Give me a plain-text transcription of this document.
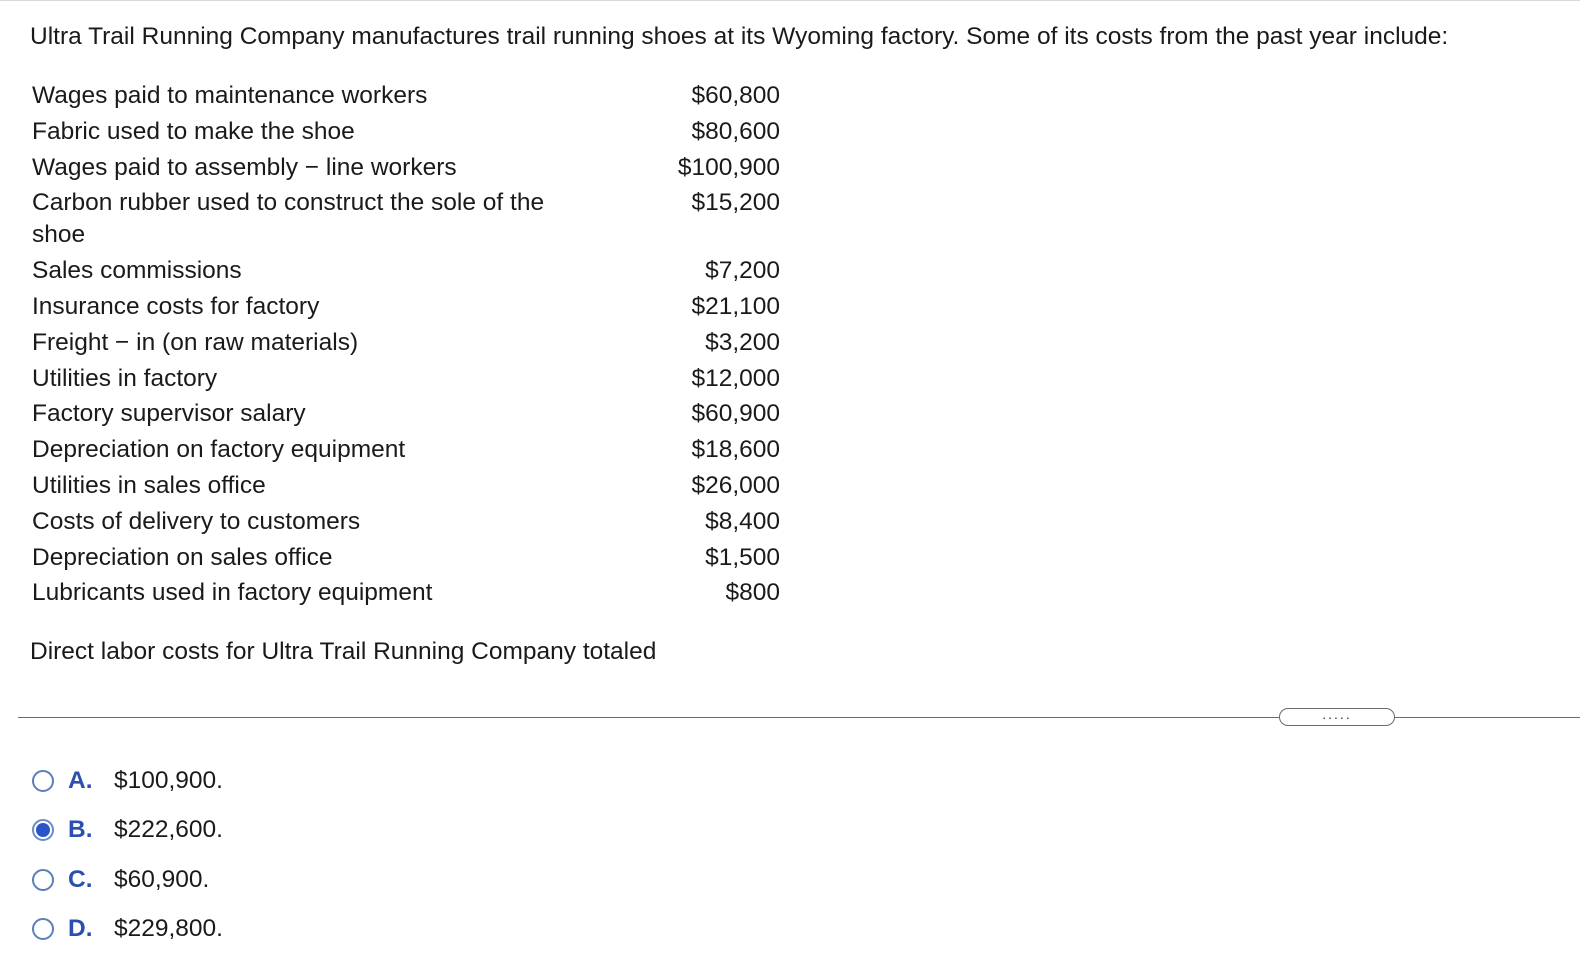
Ultra Trail Running Company manufactures trail running shoes at its Wyoming factory. Some of its costs from the past year include:
Wages paid to maintenance workers	$60,800
Fabric used to make the shoe	$80,600
Wages paid to assembly − line workers	$100,900
Carbon rubber used to construct the sole of the shoe
$15,200
Sales commissions	$7,200
Insurance costs for factory	$21,100
Freight − in (on raw materials)	$3,200
Utilities in factory	$12,000
Factory supervisor salary	$60,900
Depreciation on factory equipment	$18,600
Utilities in sales office	$26,000
Costs of delivery to customers	$8,400
Depreciation on sales office	$1,500
Lubricants used in factory equipment	$800
Direct labor costs for Ultra Trail Running Company totaled
.....
A. $100,900.
B. $222,600.
C. $60,900.
D. $229,800.
